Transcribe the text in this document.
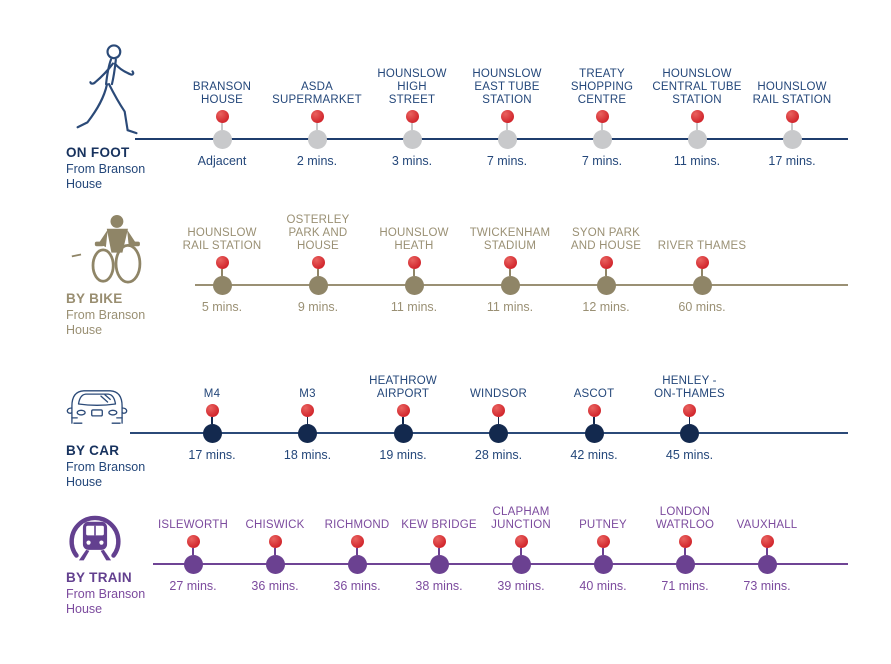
ON FOOT
From Branson House
BRANSON
HOUSE
Adjacent
ASDA
SUPERMARKET
2 mins.
HOUNSLOW
HIGH
STREET
3 mins.
HOUNSLOW
EAST TUBE
STATION
7 mins.
TREATY
SHOPPING
CENTRE
7 mins.
HOUNSLOW
CENTRAL TUBE
STATION
11 mins.
HOUNSLOW
RAIL STATION
17 mins.
BY BIKE
From Branson House
HOUNSLOW
RAIL STATION
5 mins.
OSTERLEY
PARK AND
HOUSE
9 mins.
HOUNSLOW
HEATH
11 mins.
TWICKENHAM
STADIUM
11 mins.
SYON PARK
AND HOUSE
12 mins.
RIVER THAMES
60 mins.
BY CAR
From Branson House
M4
17 mins.
M3
18 mins.
HEATHROW
AIRPORT
19 mins.
WINDSOR
28 mins.
ASCOT
42 mins.
HENLEY -
ON-THAMES
45 mins.
BY TRAIN
From Branson House
ISLEWORTH
27 mins.
CHISWICK
36 mins.
RICHMOND
36 mins.
KEW BRIDGE
38 mins.
CLAPHAM
JUNCTION
39 mins.
PUTNEY
40 mins.
LONDON
WATRLOO
71 mins.
VAUXHALL
73 mins.
